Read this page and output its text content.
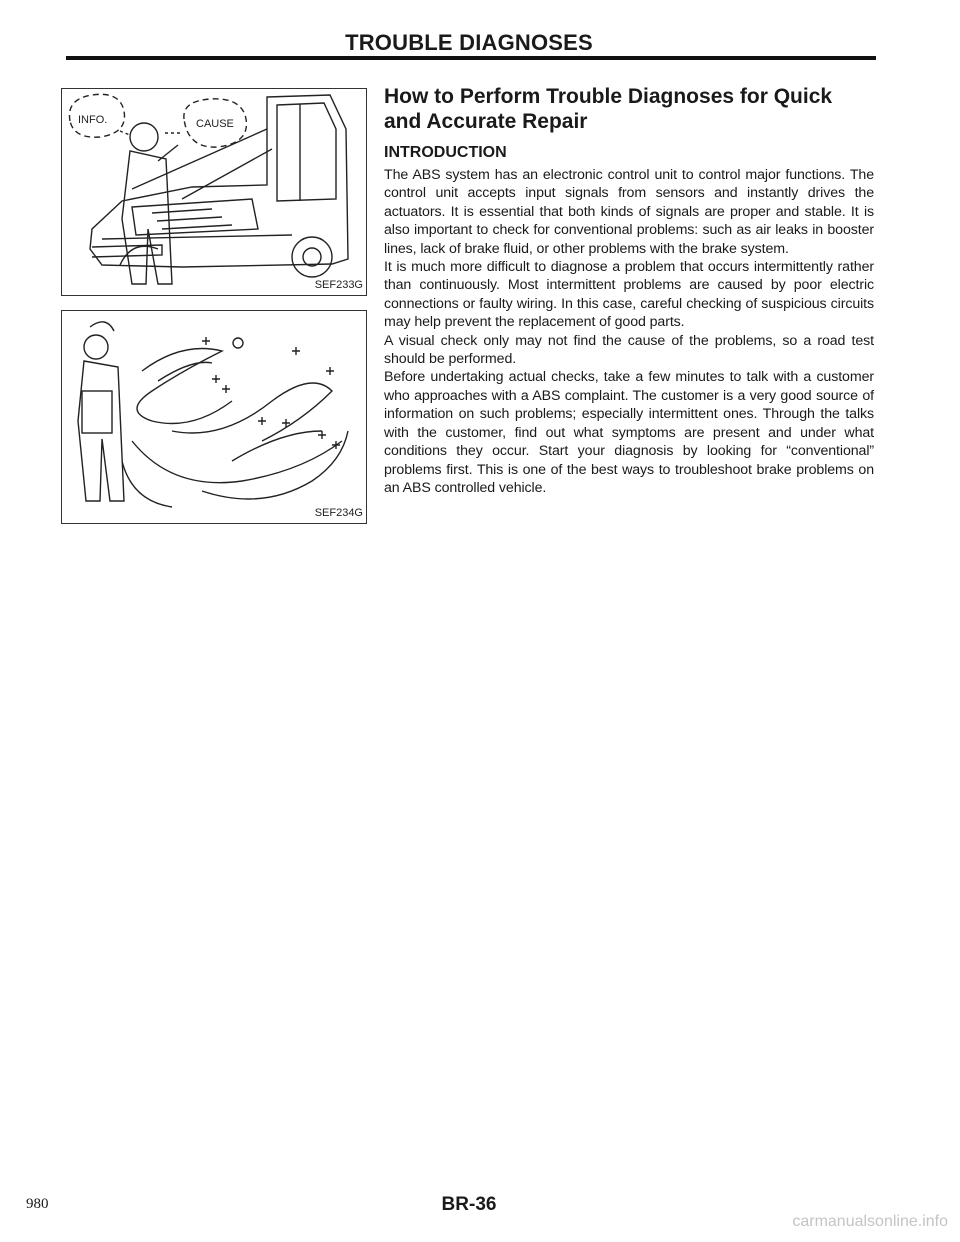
TROUBLE DIAGNOSES
INFO.	CAUSE
SEF233G
SEF234G
How to Perform Trouble Diagnoses for Quick and Accurate Repair
INTRODUCTION

The ABS system has an electronic control unit to control major functions. The control unit accepts input signals from sensors and instantly drives the actuators. It is essential that both kinds of signals are proper and stable. It is also important to check for conventional problems: such as air leaks in booster lines, lack of brake fluid, or other problems with the brake system.

It is much more difficult to diagnose a problem that occurs intermittently rather than continuously. Most intermittent problems are caused by poor electric connections or faulty wiring. In this case, careful checking of suspicious circuits may help prevent the replacement of good parts.

A visual check only may not find the cause of the problems, so a road test should be performed.

Before undertaking actual checks, take a few minutes to talk with a customer who approaches with a ABS complaint. The customer is a very good source of information on such problems; especially intermittent ones. Through the talks with the customer, find out what symptoms are present and under what conditions they occur. Start your diagnosis by looking for “conventional” problems first. This is one of the best ways to troubleshoot brake problems on an ABS controlled vehicle.

980	BR-36
carmanualsonline.info
